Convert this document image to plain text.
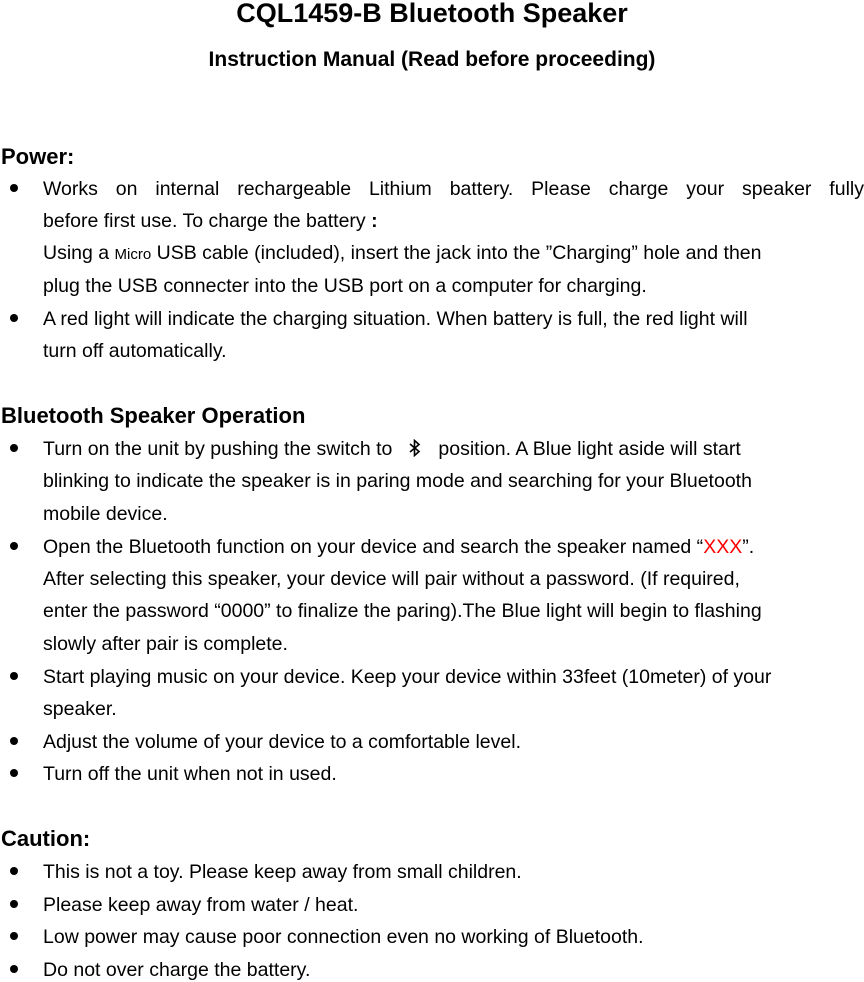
CQL1459-B Bluetooth Speaker
Instruction Manual (Read before proceeding)
Power:
Works on internal rechargeable Lithium battery. Please charge your speaker fully
before first use. To charge the battery :
Using a Micro USB cable (included), insert the jack into the ”Charging” hole and then
plug the USB connecter into the USB port on a computer for charging.
A red light will indicate the charging situation. When battery is full, the red light will
turn off automatically.
Bluetooth Speaker Operation
Turn on the unit by pushing the switch to position. A Blue light aside will start
blinking to indicate the speaker is in paring mode and searching for your Bluetooth
mobile device.
Open the Bluetooth function on your device and search the speaker named “XXX”.
After selecting this speaker, your device will pair without a password. (If required,
enter the password “0000” to finalize the paring).The Blue light will begin to flashing
slowly after pair is complete.
Start playing music on your device. Keep your device within 33feet (10meter) of your
speaker.
Adjust the volume of your device to a comfortable level.
Turn off the unit when not in used.
Caution:
This is not a toy. Please keep away from small children.
Please keep away from water / heat.
Low power may cause poor connection even no working of Bluetooth.
Do not over charge the battery.
